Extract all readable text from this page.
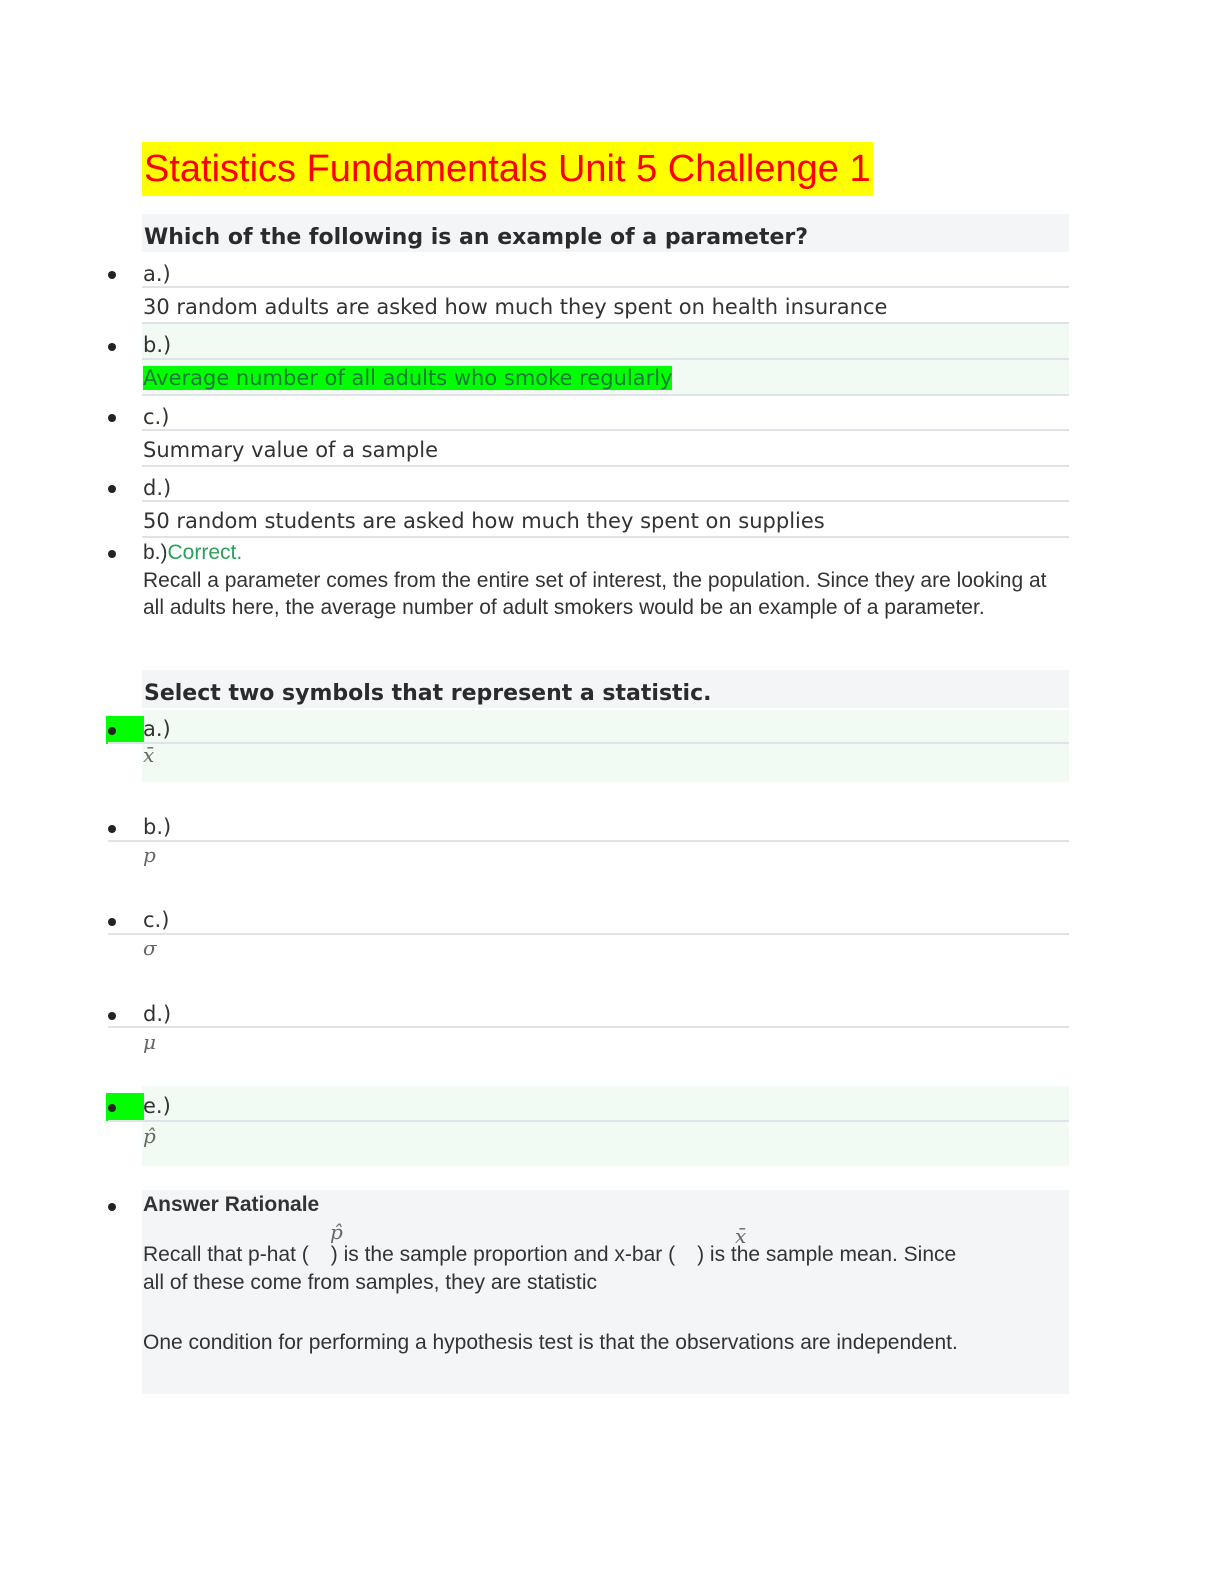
Statistics Fundamentals Unit 5 Challenge 1
Which of the following is an example of a parameter?
a.)
30 random adults are asked how much they spent on health insurance
b.)
Average number of all adults who smoke regularly
c.)
Summary value of a sample
d.)
50 random students are asked how much they spent on supplies
b.)Correct.
Recall a parameter comes from the entire set of interest, the population. Since they are looking at all adults here, the average number of adult smokers would be an example of a parameter.
Select two symbols that represent a statistic.
a.)
x̄
b.)
p
c.)
σ
d.)
μ
e.)
p̂
Answer Rationale
Recall that p-hat ( ) is the sample proportion and x-bar ( ) is the sample mean. Since
p̂	x̄
all of these come from samples, they are statistic
One condition for performing a hypothesis test is that the observations are independent.
